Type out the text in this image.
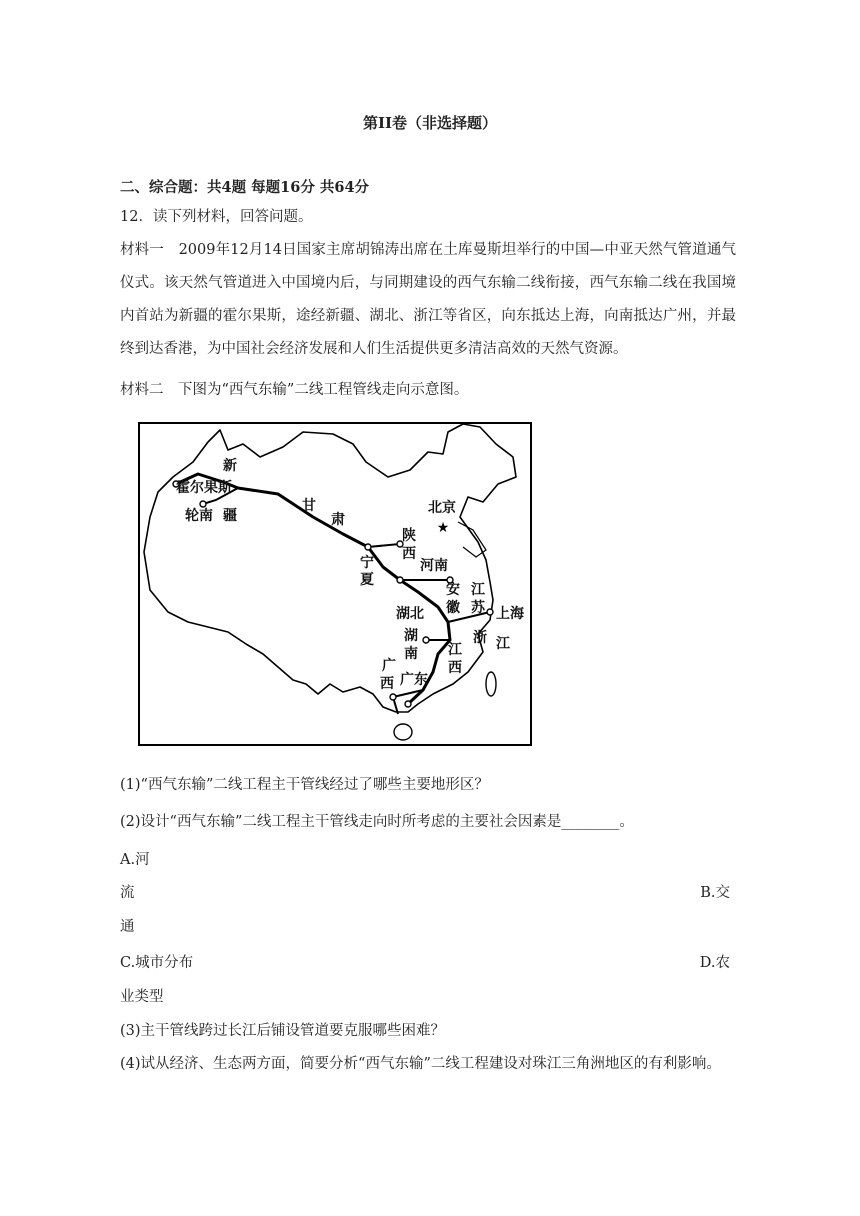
第II卷（非选择题）
二、综合题：共4题 每题16分 共64分
12．读下列材料，回答问题。
材料一　2009年12月14日国家主席胡锦涛出席在土库曼斯坦举行的中国—中亚天然气管道通气仪式。该天然气管道进入中国境内后，与同期建设的西气东输二线衔接，西气东输二线在我国境内首站为新疆的霍尔果斯，途经新疆、湖北、浙江等省区，向东抵达上海，向南抵达广州，并最终到达香港，为中国社会经济发展和人们生活提供更多清洁高效的天然气资源。
材料二　下图为“西气东输”二线工程管线走向示意图。
★
新
霍尔果斯
轮南 疆
甘
肃
北京
陕
西
宁
夏
河南
安
徽
江
苏 上海
湖北
浙 江
湖
南 江
西
广
西 广东
(1)“西气东输”二线工程主干管线经过了哪些主要地形区？
(2)设计“西气东输”二线工程主干管线走向时所考虑的主要社会因素是________。
A.河
流	B.交
通
C.城市分布	D.农
业类型
(3)主干管线跨过长江后铺设管道要克服哪些困难？
(4)试从经济、生态两方面，简要分析“西气东输”二线工程建设对珠江三角洲地区的有利影响。
